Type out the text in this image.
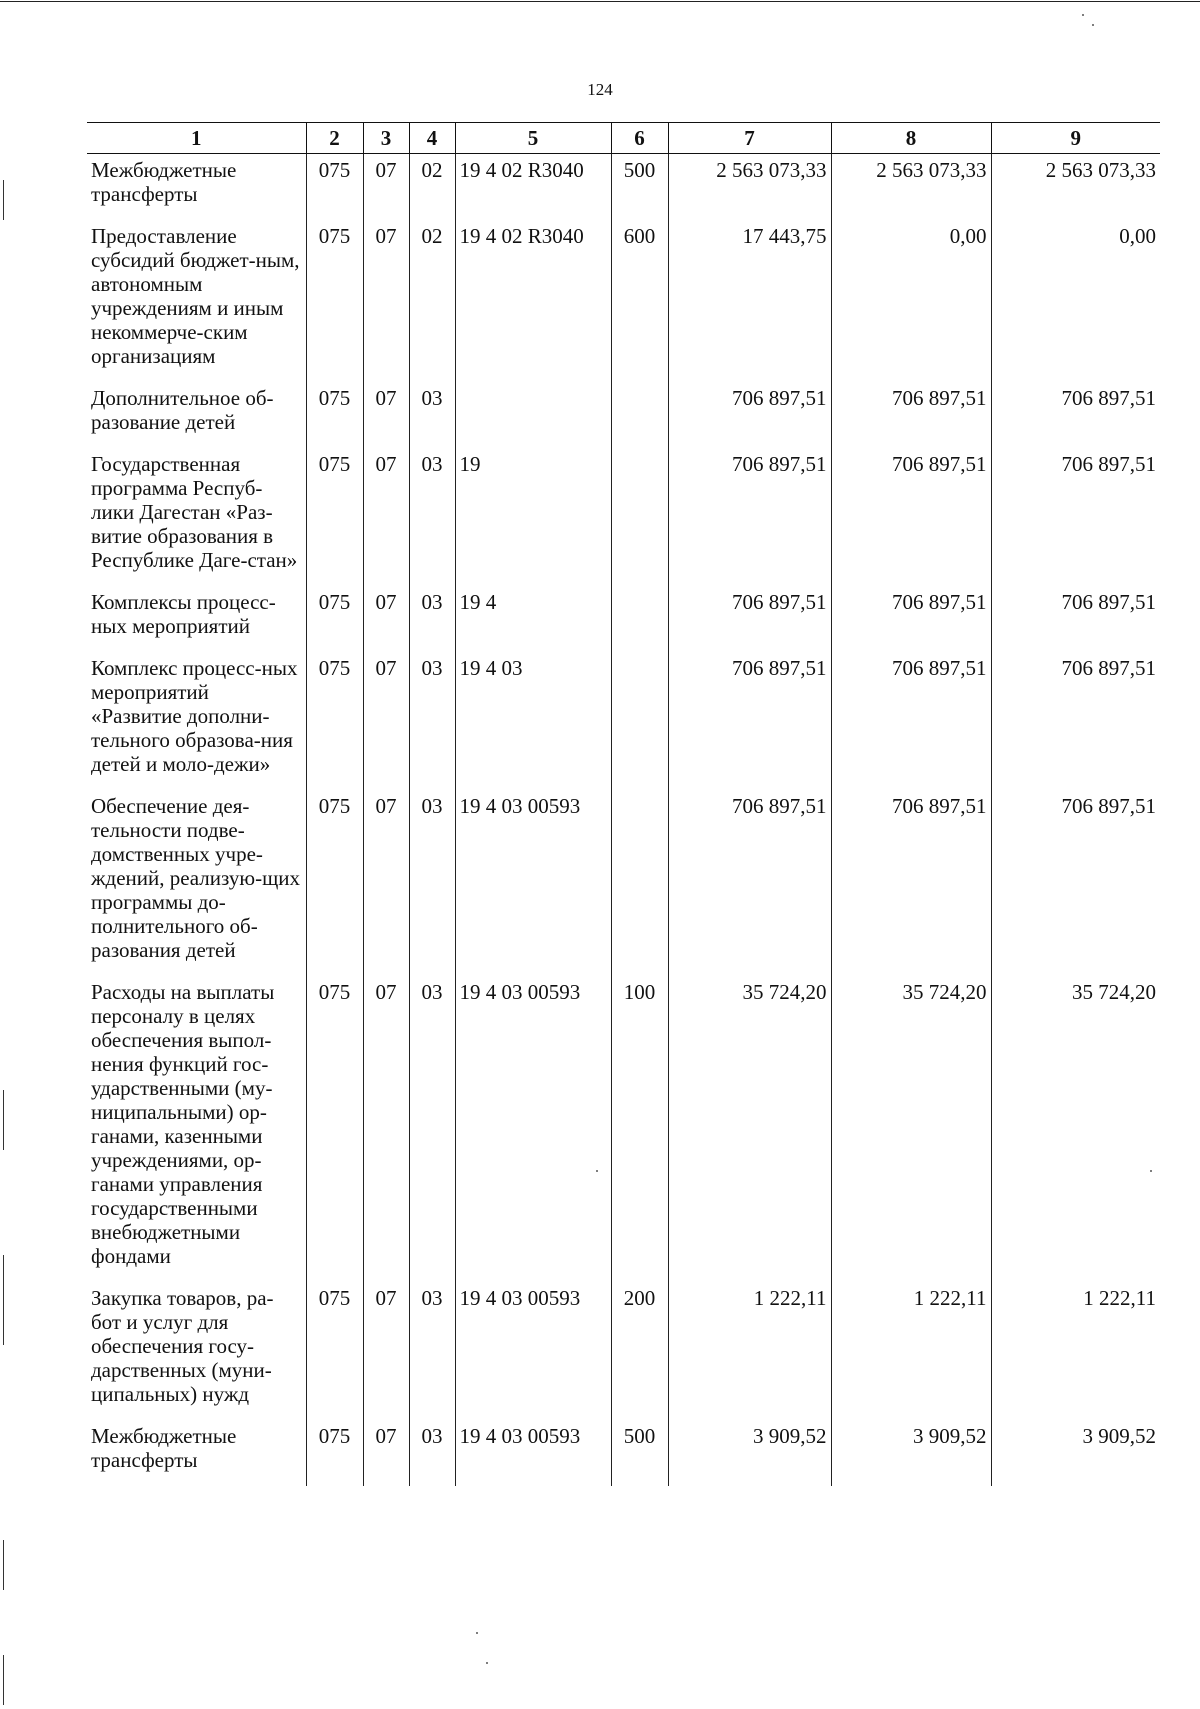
124
1	2	3	4	5	6	7	8	9
Межбюджетные трансферты	075	07	02	19 4 02 R3040	500	2 563 073,33	2 563 073,33	2 563 073,33
Предоставление субсидий бюджет-ным, автономным учреждениям и иным некоммерче-ским организациям	075	07	02	19 4 02 R3040	600	17 443,75	0,00	0,00
Дополнительное об-разование детей	075	07	03			706 897,51	706 897,51	706 897,51
Государственная программа Респуб-лики Дагестан «Раз-витие образования в Республике Даге-стан»	075	07	03	19		706 897,51	706 897,51	706 897,51
Комплексы процесс-ных мероприятий	075	07	03	19 4		706 897,51	706 897,51	706 897,51
Комплекс процесс-ных мероприятий «Развитие дополни-тельного образова-ния детей и моло-дежи»	075	07	03	19 4 03		706 897,51	706 897,51	706 897,51
Обеспечение дея-тельности подве-домственных учре-ждений, реализую-щих программы до-полнительного об-разования детей	075	07	03	19 4 03 00593		706 897,51	706 897,51	706 897,51
Расходы на выплаты персоналу в целях обеспечения выпол-нения функций гос-ударственными (му-ниципальными) ор-ганами, казенными учреждениями, ор-ганами управления государственными внебюджетными фондами	075	07	03	19 4 03 00593	100	35 724,20	35 724,20	35 724,20
Закупка товаров, ра-бот и услуг для обеспечения госу-дарственных (муни-ципальных) нужд	075	07	03	19 4 03 00593	200	1 222,11	1 222,11	1 222,11
Межбюджетные трансферты	075	07	03	19 4 03 00593	500	3 909,52	3 909,52	3 909,52
